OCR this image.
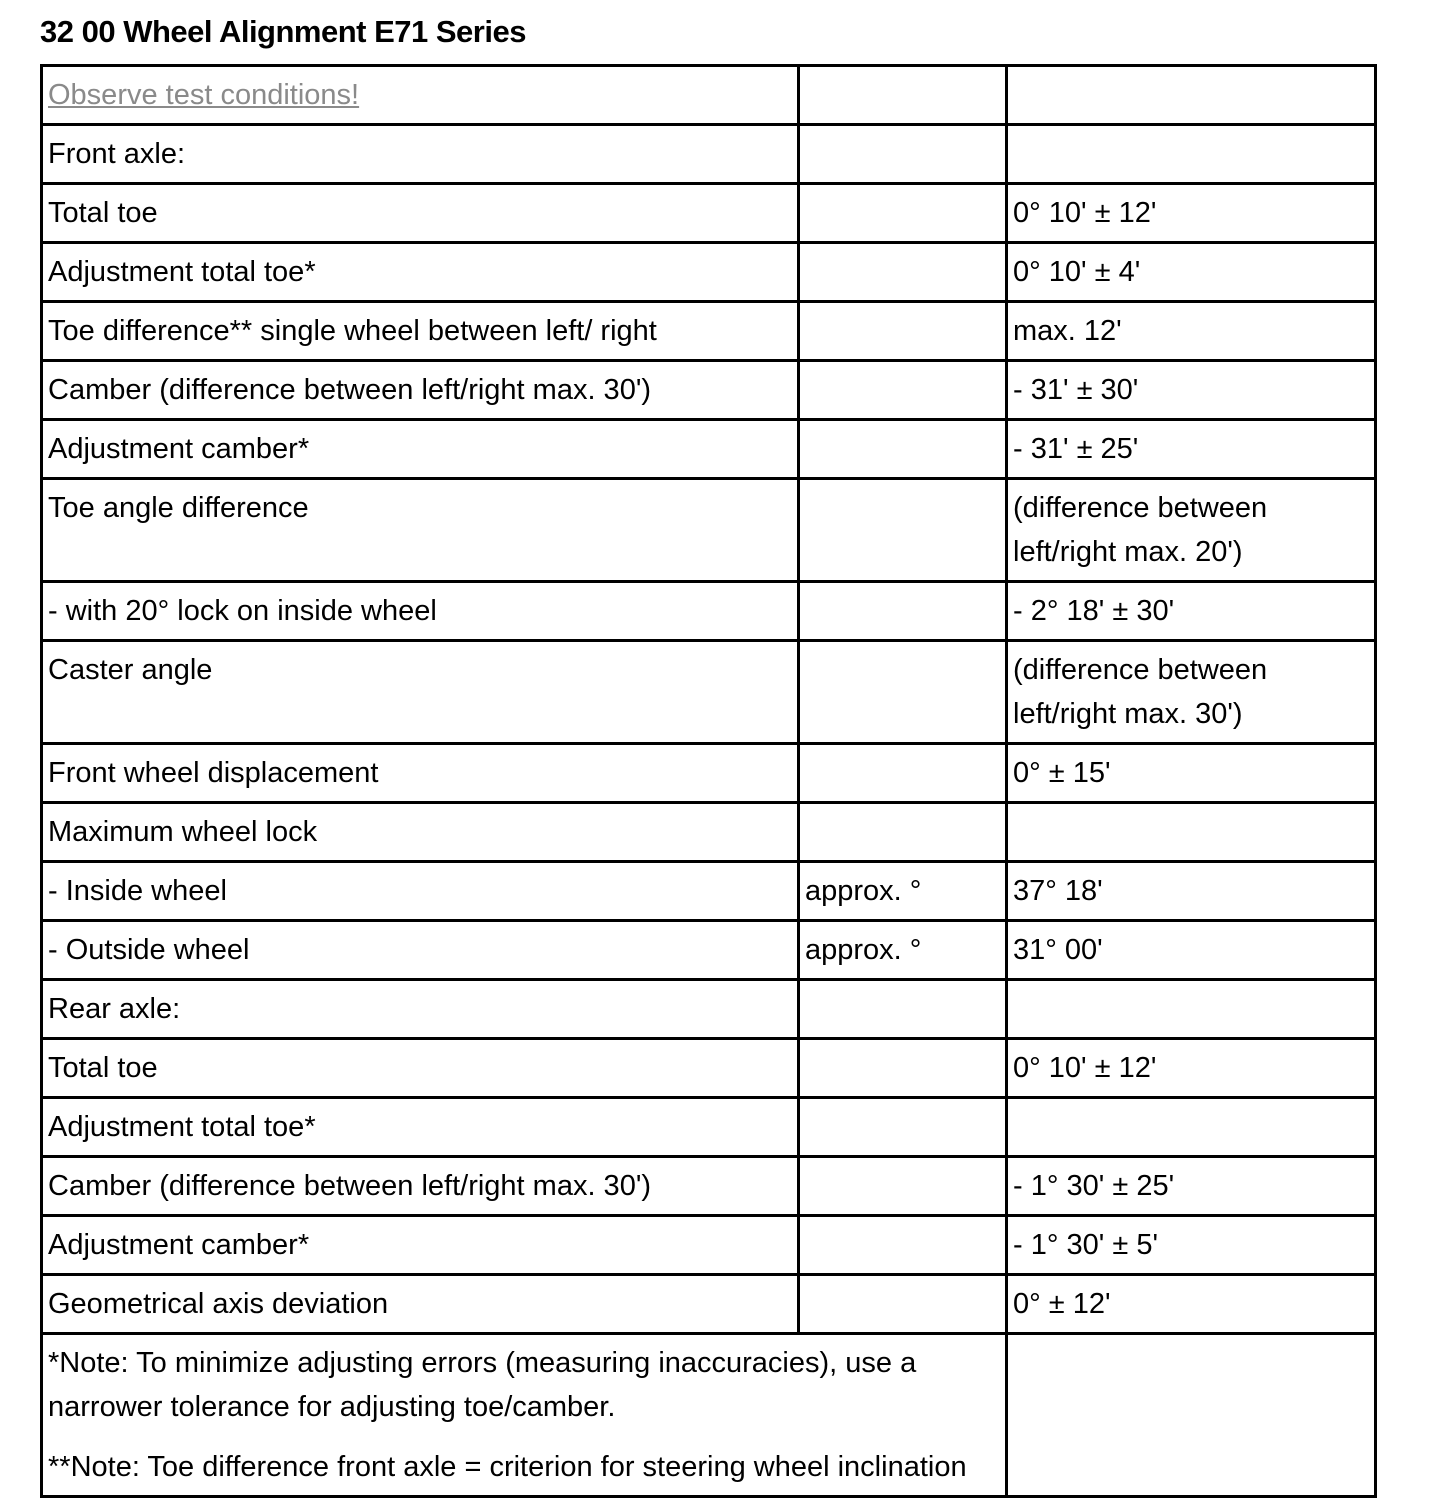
32 00 Wheel Alignment E71 Series
Observe test conditions!		
Front axle:		
Total toe		0° 10' ± 12'
Adjustment total toe*		0° 10' ± 4'
Toe difference** single wheel between left/ right		max. 12'
Camber (difference between left/right max. 30')		- 31' ± 30'
Adjustment camber*		- 31' ± 25'
Toe angle difference		(difference between left/right max. 20')
- with 20° lock on inside wheel		- 2° 18' ± 30'
Caster angle		(difference between left/right max. 30')
Front wheel displacement		0° ± 15'
Maximum wheel lock		
- Inside wheel	approx. °	37° 18'
- Outside wheel	approx. °	31° 00'
Rear axle:		
Total toe		0° 10' ± 12'
Adjustment total toe*		
Camber (difference between left/right max. 30')		- 1° 30' ± 25'
Adjustment camber*		- 1° 30' ± 5'
Geometrical axis deviation		0° ± 12'

*Note: To minimize adjusting errors (measuring inaccuracies), use a narrower tolerance for adjusting toe/camber.

**Note: Toe difference front axle = criterion for steering wheel inclination		
